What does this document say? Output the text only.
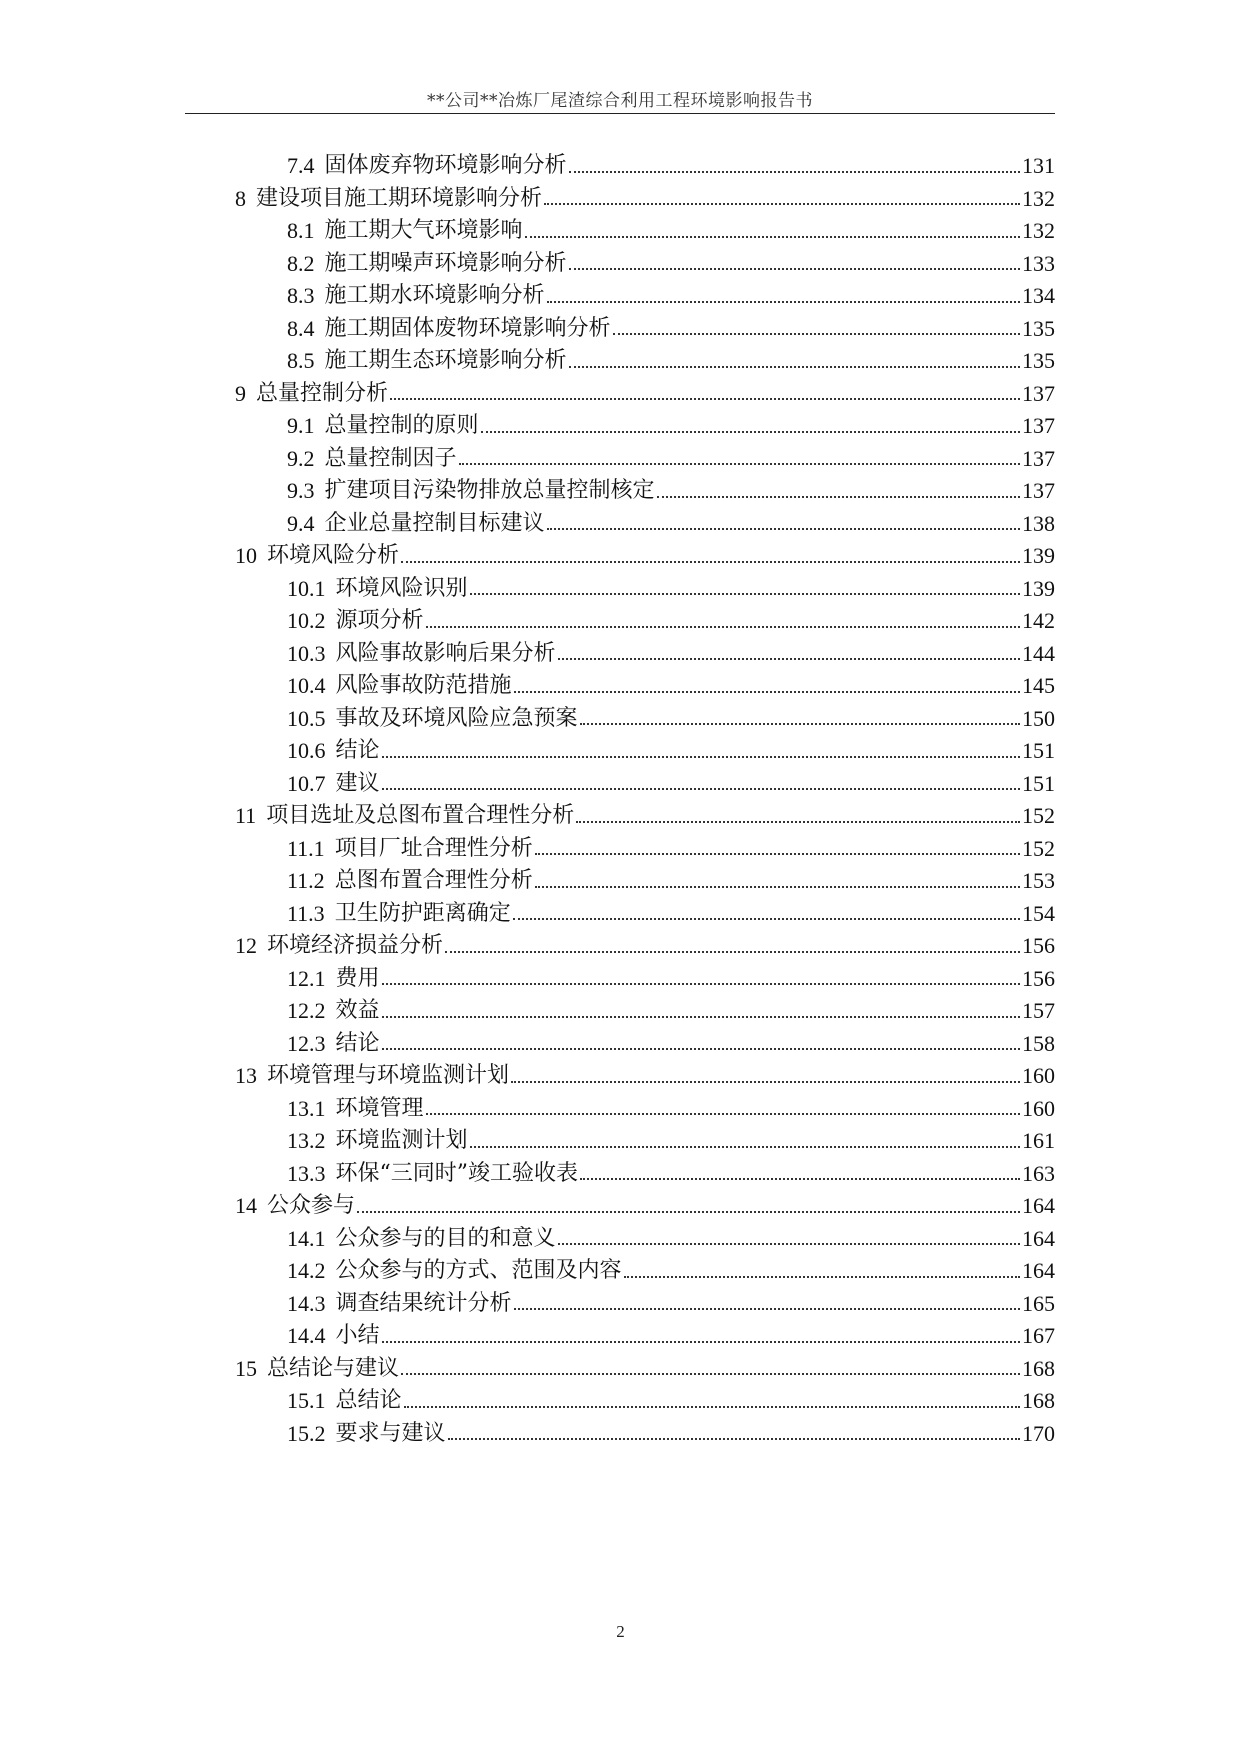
**公司**冶炼厂尾渣综合利用工程环境影响报告书
7.4 固体废弃物环境影响分析	131
8 建设项目施工期环境影响分析	132
8.1 施工期大气环境影响	132
8.2 施工期噪声环境影响分析	133
8.3 施工期水环境影响分析	134
8.4 施工期固体废物环境影响分析	135
8.5 施工期生态环境影响分析	135
9 总量控制分析	137
9.1 总量控制的原则	137
9.2 总量控制因子	137
9.3 扩建项目污染物排放总量控制核定	137
9.4 企业总量控制目标建议	138
10 环境风险分析	139
10.1 环境风险识别	139
10.2 源项分析	142
10.3 风险事故影响后果分析	144
10.4 风险事故防范措施	145
10.5 事故及环境风险应急预案	150
10.6 结论	151
10.7 建议	151
11 项目选址及总图布置合理性分析	152
11.1 项目厂址合理性分析	152
11.2 总图布置合理性分析	153
11.3 卫生防护距离确定	154
12 环境经济损益分析	156
12.1 费用	156
12.2 效益	157
12.3 结论	158
13 环境管理与环境监测计划	160
13.1 环境管理	160
13.2 环境监测计划	161
13.3 环保“三同时”竣工验收表	163
14 公众参与	164
14.1 公众参与的目的和意义	164
14.2 公众参与的方式、范围及内容	164
14.3 调查结果统计分析	165
14.4 小结	167
15 总结论与建议	168
15.1 总结论	168
15.2 要求与建议	170
2
